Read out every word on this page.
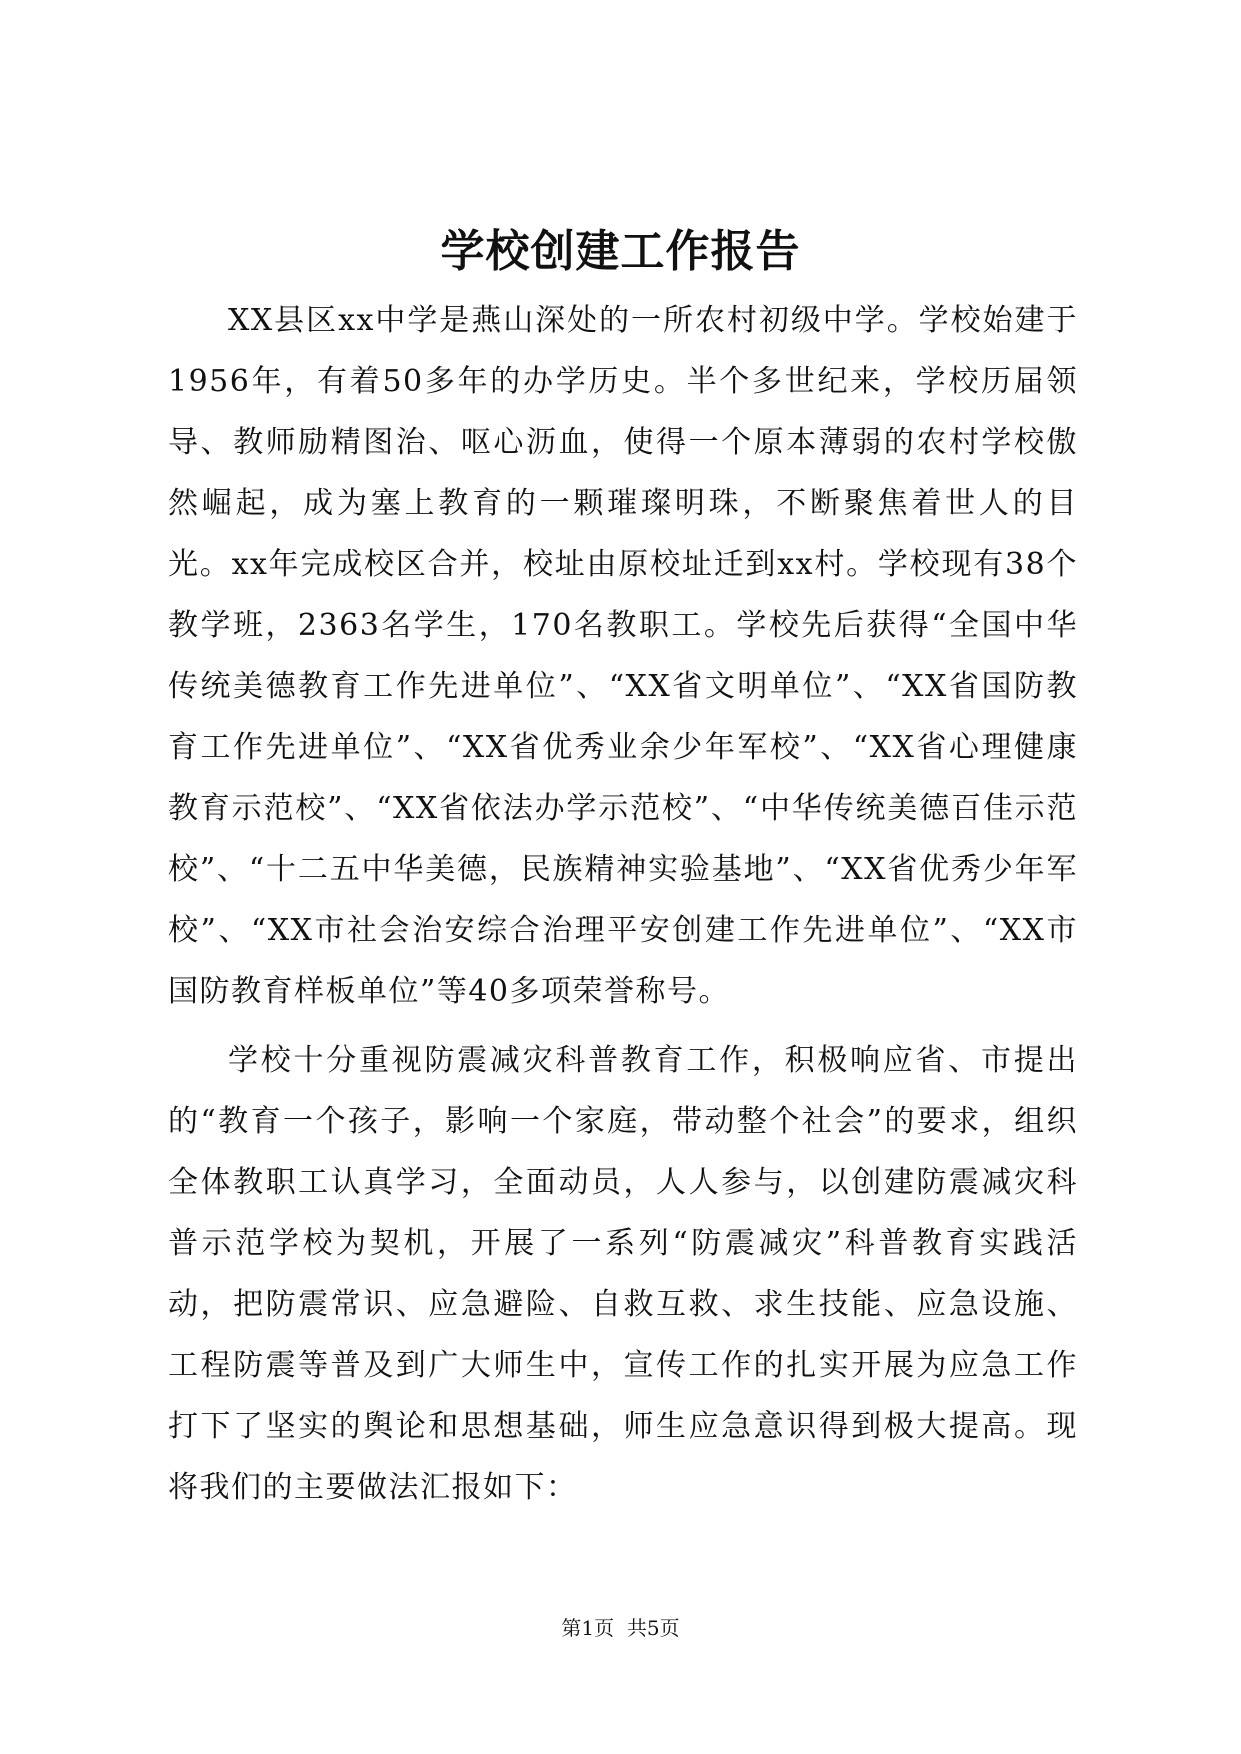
学校创建工作报告

XX县区xx中学是燕山深处的一所农村初级中学。学校始建于1956年，有着50多年的办学历史。半个多世纪来，学校历届领导、教师励精图治、呕心沥血，使得一个原本薄弱的农村学校傲然崛起，成为塞上教育的一颗璀璨明珠，不断聚焦着世人的目光。xx年完成校区合并，校址由原校址迁到xx村。学校现有38个教学班，2363名学生，170名教职工。学校先后获得“全国中华传统美德教育工作先进单位”、“XX省文明单位”、“XX省国防教育工作先进单位”、“XX省优秀业余少年军校”、“XX省心理健康教育示范校”、“XX省依法办学示范校”、“中华传统美德百佳示范校”、“十二五中华美德，民族精神实验基地”、“XX省优秀少年军校”、“XX市社会治安综合治理平安创建工作先进单位”、“XX市国防教育样板单位”等40多项荣誉称号。

学校十分重视防震减灾科普教育工作，积极响应省、市提出的“教育一个孩子，影响一个家庭，带动整个社会”的要求，组织全体教职工认真学习，全面动员，人人参与，以创建防震减灾科普示范学校为契机，开展了一系列“防震减灾”科普教育实践活动，把防震常识、应急避险、自救互救、求生技能、应急设施、工程防震等普及到广大师生中，宣传工作的扎实开展为应急工作打下了坚实的舆论和思想基础，师生应急意识得到极大提高。现将我们的主要做法汇报如下：

第1页 共5页
